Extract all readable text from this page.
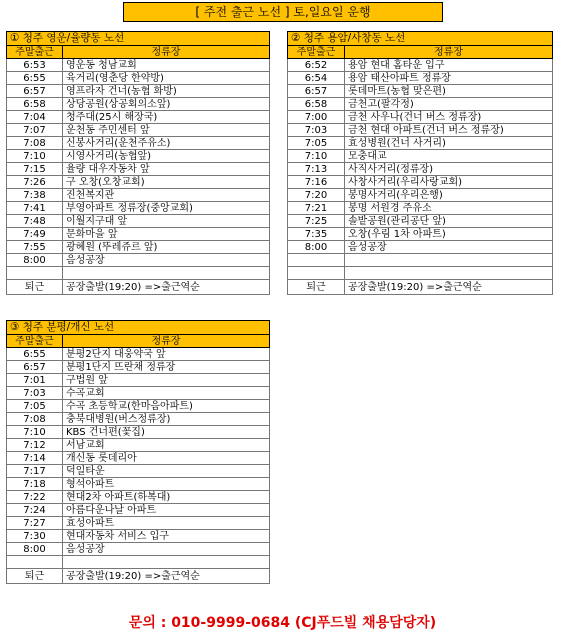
[ 주전 출근 노선 ] 토,일요일 운행
① 청주 영운/율량동 노선	
주말출근	정류장
6:53	영운동 청남교회
6:55	육거리(영춘당 한약방)
6:57	영프라자 건너(농협 화방)
6:58	상당공원(상공회의소앞)
7:04	청주대(25시 해장국)
7:07	운천동 주민센터 앞
7:08	신봉사거리(운천주유소)
7:10	시영사거리(농협앞)
7:15	율량 대우자동차 앞
7:26	구 오창(오창교회)
7:38	진천복지관
7:41	부영아파트 정류장(중앙교회)
7:48	이월지구대 앞
7:49	문화마을 앞
7:55	광혜원 (뚜레쥬르 앞)
8:00	음성공장

퇴근	공장출발(19:20) =>출근역순
② 청주 용암/사창동 노선	
주말출근	정류장
6:52	용암 현대 홈타운 입구
6:54	용암 태산아파트 정류장
6:57	롯데마트(농협 맞은편)
6:58	금천고(팔각정)
7:00	금천 사우나(건너 버스 정류장)
7:03	금천 현대 아파트(건너 버스 정류장)
7:05	효성병원(건너 사거리)
7:10	모충대교
7:13	사직사거리(정류장)
7:16	사창사거리(우리사랑교회)
7:20	봉명사거리(우리은행)
7:21	봉명 서원경 주유소
7:25	솔밭공원(관리공단 앞)
7:35	오창(우림 1차 아파트)
8:00	음성공장

퇴근	공장출발(19:20) =>출근역순
③ 청주 분평/개신 노선	
주말출근	정류장
6:55	분평2단지 대웅약국 앞
6:57	분평1단지 뜨란채 정류장
7:01	구법원 앞
7:03	수곡교회
7:05	수곡 초등학교(한마음아파트)
7:08	충북대병원(버스정류장)
7:10	KBS 건너편(꽃집)
7:12	서남교회
7:14	개신동 롯데리아
7:17	덕일타운
7:18	형석아파트
7:22	현대2차 아파트(하복대)
7:24	아름다운나날 아파트
7:27	효성아파트
7:30	현대자동차 서비스 입구
8:00	음성공장

퇴근	공장출발(19:20) =>출근역순
문의 : 010-9999-0684 (CJ푸드빌 채용담당자)
